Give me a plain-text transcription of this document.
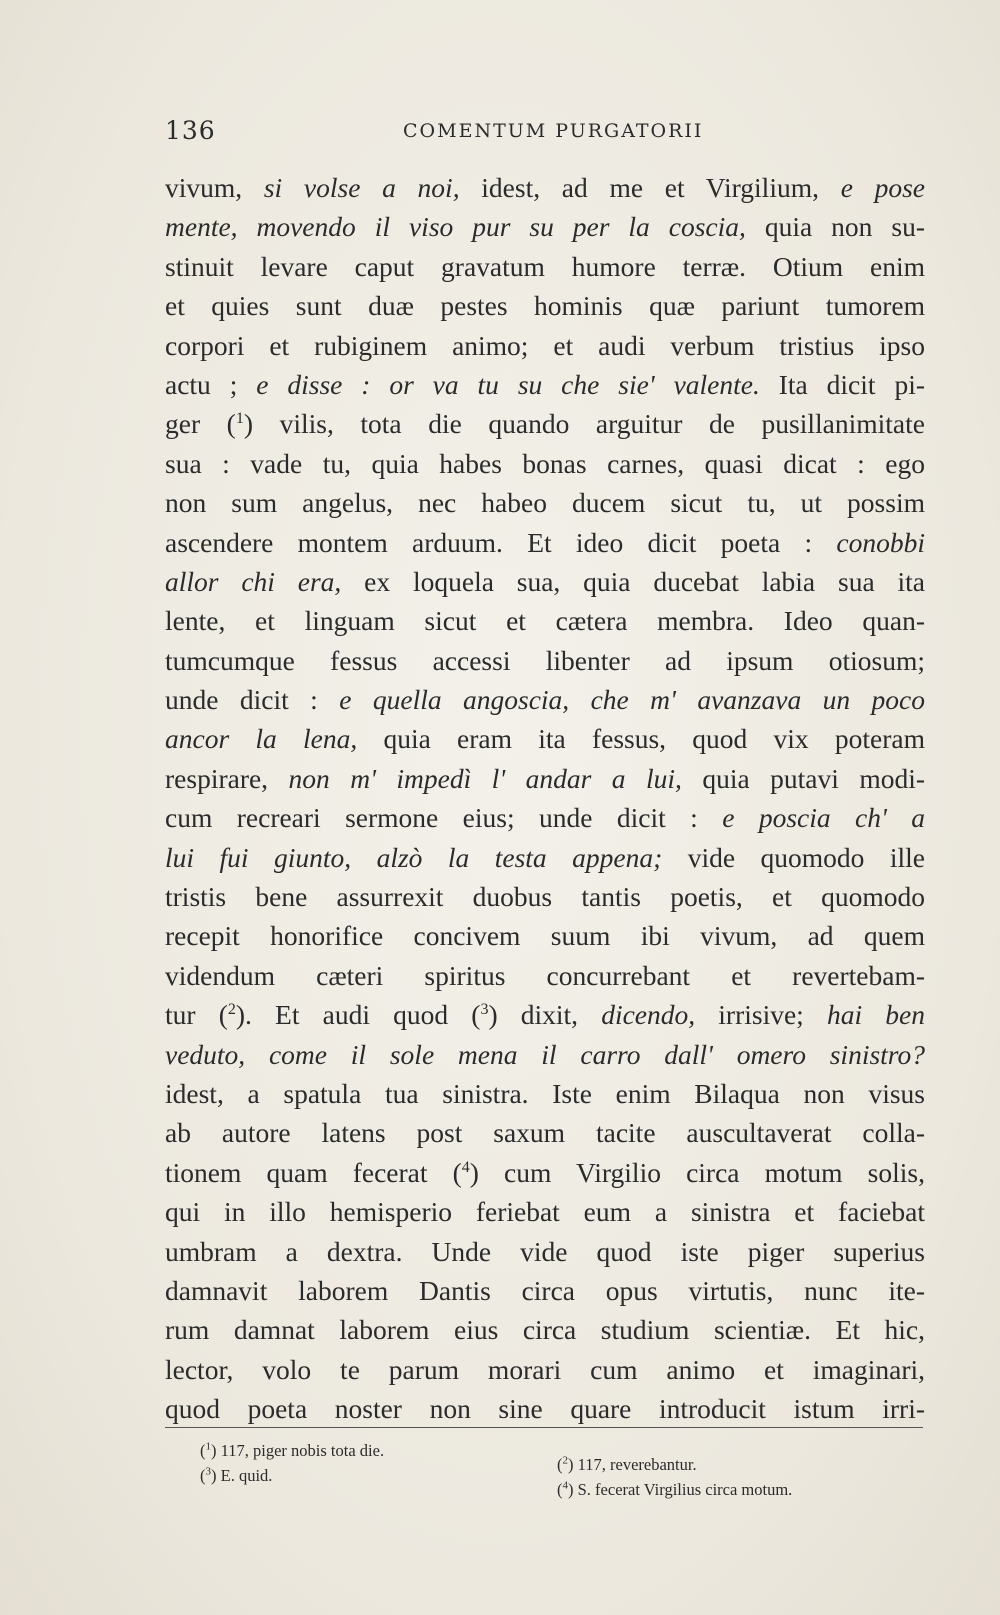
136	COMENTUM PURGATORII
vivum, si volse a noi, idest, ad me et Virgilium, e pose
mente, movendo il viso pur su per la coscia, quia non su-
stinuit levare caput gravatum humore terræ. Otium enim
et quies sunt duæ pestes hominis quæ pariunt tumorem
corpori et rubiginem animo; et audi verbum tristius ipso
actu ; e disse : or va tu su che sie' valente. Ita dicit pi-
ger ($^1$) vilis, tota die quando arguitur de pusillanimitate
sua : vade tu, quia habes bonas carnes, quasi dicat : ego
non sum angelus, nec habeo ducem sicut tu, ut possim
ascendere montem arduum. Et ideo dicit poeta : conobbi
allor chi era, ex loquela sua, quia ducebat labia sua ita
lente, et linguam sicut et cætera membra. Ideo quan-
tumcumque fessus accessi libenter ad ipsum otiosum;
unde dicit : e quella angoscia, che m' avanzava un poco
ancor la lena, quia eram ita fessus, quod vix poteram
respirare, non m' impedì l' andar a lui, quia putavi modi-
cum recreari sermone eius; unde dicit : e poscia ch' a
lui fui giunto, alzò la testa appena; vide quomodo ille
tristis bene assurrexit duobus tantis poetis, et quomodo
recepit honorifice concivem suum ibi vivum, ad quem
videndum cæteri spiritus concurrebant et revertebam-
tur ($^2$). Et audi quod ($^3$) dixit, dicendo, irrisive; hai ben
veduto, come il sole mena il carro dall' omero sinistro?
idest, a spatula tua sinistra. Iste enim Bilaqua non visus
ab autore latens post saxum tacite auscultaverat colla-
tionem quam fecerat ($^4$) cum Virgilio circa motum solis,
qui in illo hemisperio feriebat eum a sinistra et faciebat
umbram a dextra. Unde vide quod iste piger superius
damnavit laborem Dantis circa opus virtutis, nunc ite-
rum damnat laborem eius circa studium scientiæ. Et hic,
lector, volo te parum morari cum animo et imaginari,
quod poeta noster non sine quare introducit istum irri-
($^1$) 117, piger nobis tota die.
($^3$) E. quid.
($^2$) 117, reverebantur.
($^4$) S. fecerat Virgilius circa motum.
